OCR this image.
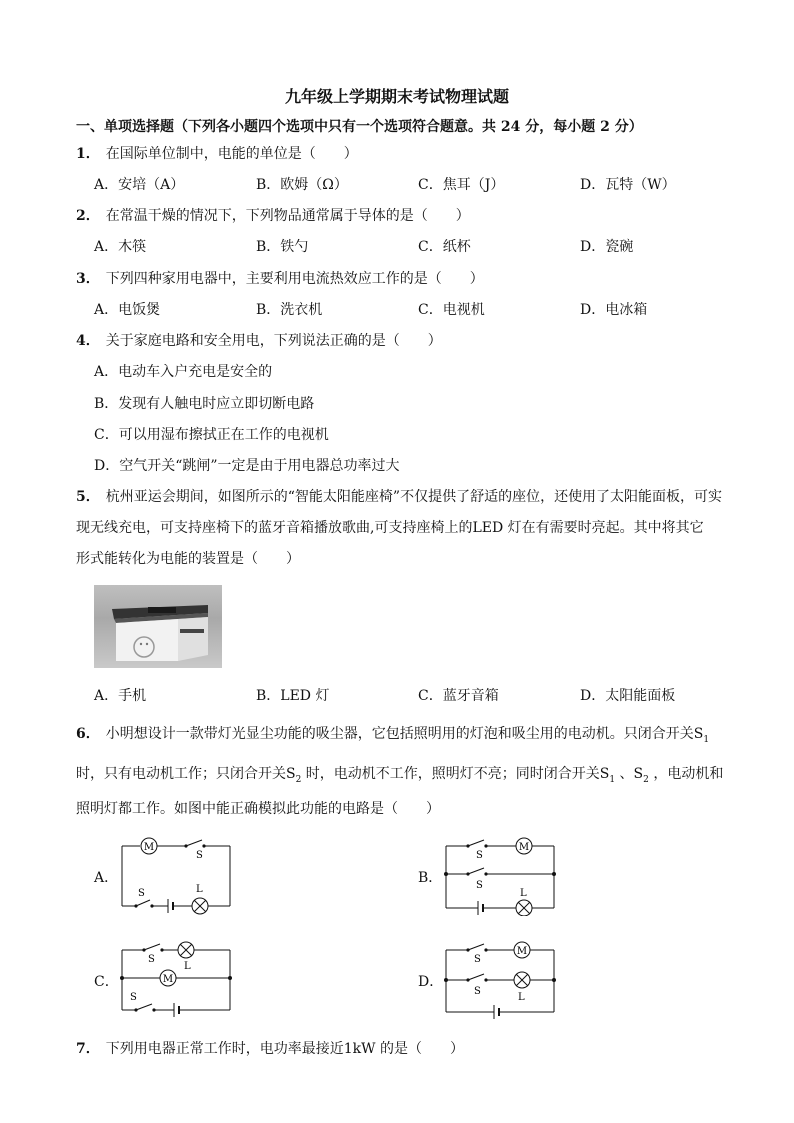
九年级上学期期末考试物理试题
一、单项选择题（下列各小题四个选项中只有一个选项符合题意。共 24 分，每小题 2 分）
1． 在国际单位制中，电能的单位是（　　）
A．安培（A）	B．欧姆（Ω）	C．焦耳（J）	D．瓦特（W）
2． 在常温干燥的情况下，下列物品通常属于导体的是（　　）
A．木筷	B．铁勺	C．纸杯	D．瓷碗
3． 下列四种家用电器中，主要利用电流热效应工作的是（　　）
A．电饭煲	B．洗衣机	C．电视机	D．电冰箱
4． 关于家庭电路和安全用电，下列说法正确的是（　　）
A．电动车入户充电是安全的
B．发现有人触电时应立即切断电路
C．可以用湿布擦拭正在工作的电视机
D．空气开关“跳闸”一定是由于用电器总功率过大
5． 杭州亚运会期间，如图所示的“智能太阳能座椅”不仅提供了舒适的座位，还使用了太阳能面板，可实
现无线充电，可支持座椅下的蓝牙音箱播放歌曲,可支持座椅上的LED 灯在有需要时亮起。其中将其它
形式能转化为电能的装置是（　　）
A．手机	B．LED 灯	C．蓝牙音箱	D．太阳能面板
6． 小明想设计一款带灯光显尘功能的吸尘器，它包括照明用的灯泡和吸尘用的电动机。只闭合开关$S_1$
时，只有电动机工作；只闭合开关$S_2$ 时，电动机不工作，照明灯不亮；同时闭合开关$S_1$ 、$S_2$ ，电动机和
照明灯都工作。如图中能正确模拟此功能的电路是（　　）
A．
M
S
S	L
B．
S
M
S
L
C．
S
L
M
S
D．
S
M
S
L
7． 下列用电器正常工作时，电功率最接近1kW 的是（　　）
